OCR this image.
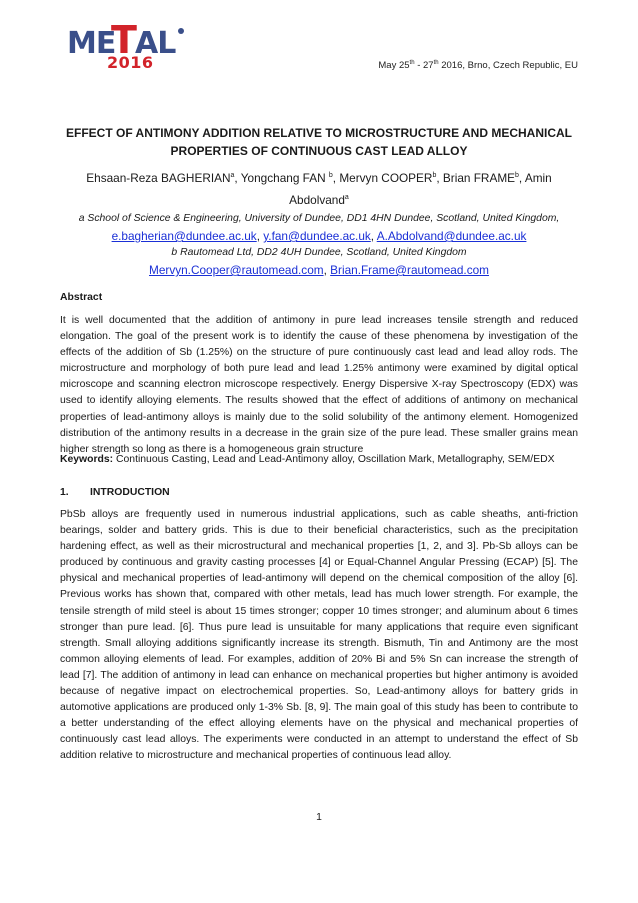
ME
T
AL
2016	May 25th - 27th 2016, Brno, Czech Republic, EU
EFFECT OF ANTIMONY ADDITION RELATIVE TO MICROSTRUCTURE AND MECHANICAL PROPERTIES OF CONTINUOUS CAST LEAD ALLOY
Ehsaan-Reza BAGHERIAN$^a$, Yongchang FAN $^b$, Mervyn COOPER$^b$, Brian FRAME$^b$, Amin Abdolvand$^a$
a School of Science & Engineering, University of Dundee, DD1 4HN Dundee, Scotland, United Kingdom,
e.bagherian@dundee.ac.uk, y.fan@dundee.ac.uk, A.Abdolvand@dundee.ac.uk
b Rautomead Ltd, DD2 4UH Dundee, Scotland, United Kingdom
Mervyn.Cooper@rautomead.com, Brian.Frame@rautomead.com
Abstract
It is well documented that the addition of antimony in pure lead increases tensile strength and reduced elongation. The goal of the present work is to identify the cause of these phenomena by investigation of the effects of the addition of Sb (1.25%) on the structure of pure continuously cast lead and lead alloy rods. The microstructure and morphology of both pure lead and lead 1.25% antimony were examined by digital optical microscope and scanning electron microscope respectively. Energy Dispersive X-ray Spectroscopy (EDX) was used to identify alloying elements. The results showed that the effect of additions of antimony on mechanical properties of lead-antimony alloys is mainly due to the solid solubility of the antimony element. Homogenized distribution of the antimony results in a decrease in the grain size of the pure lead. These smaller grains mean higher strength so long as there is a homogeneous grain structure
Keywords: Continuous Casting, Lead and Lead-Antimony alloy, Oscillation Mark, Metallography, SEM/EDX
1. INTRODUCTION
PbSb alloys are frequently used in numerous industrial applications, such as cable sheaths, anti-friction bearings, solder and battery grids. This is due to their beneficial characteristics, such as the precipitation hardening effect, as well as their microstructural and mechanical properties [1, 2, and 3]. Pb-Sb alloys can be produced by continuous and gravity casting processes [4] or Equal-Channel Angular Pressing (ECAP) [5]. The physical and mechanical properties of lead-antimony will depend on the chemical composition of the alloy [6]. Previous works has shown that, compared with other metals, lead has much lower strength. For example, the tensile strength of mild steel is about 15 times stronger; copper 10 times stronger; and aluminum about 6 times stronger than pure lead. [6]. Thus pure lead is unsuitable for many applications that require even significant strength. Small alloying additions significantly increase its strength. Bismuth, Tin and Antimony are the most common alloying elements of lead. For examples, addition of 20% Bi and 5% Sn can increase the strength of lead [7]. The addition of antimony in lead can enhance on mechanical properties but higher antimony is avoided because of negative impact on electrochemical properties. So, Lead-antimony alloys for battery grids in automotive applications are produced only 1-3% Sb. [8, 9]. The main goal of this study has been to contribute to a better understanding of the effect alloying elements have on the physical and mechanical properties of continuously cast lead alloys. The experiments were conducted in an attempt to understand the effect of Sb addition relative to microstructure and mechanical properties of continuous lead alloy.
1
